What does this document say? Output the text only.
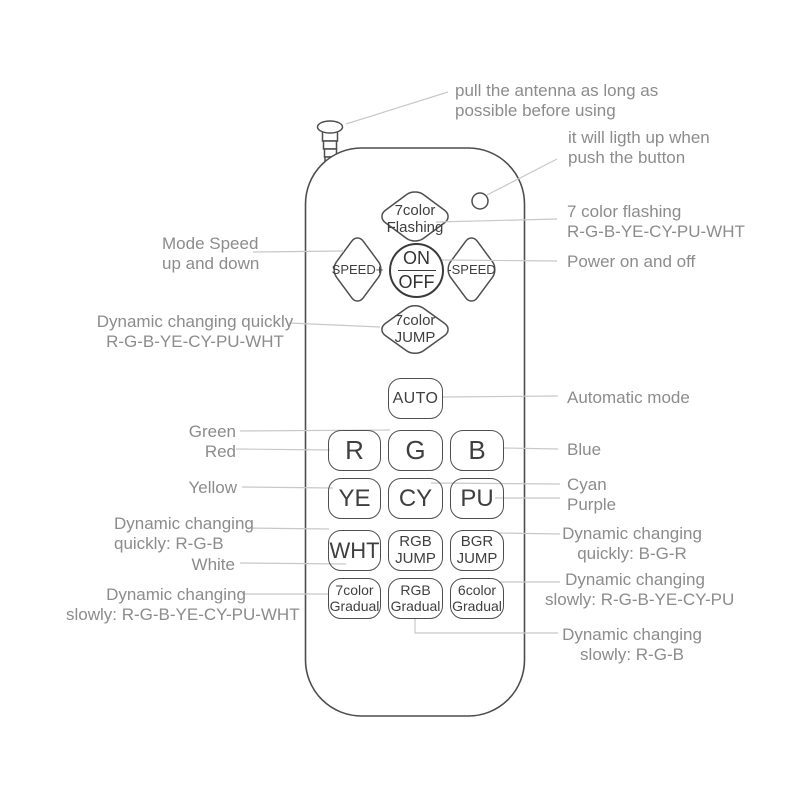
7color
Flashing
SPEED+	-SPEED
7color
JUMP
ON
OFF
AUTO
R	G	B
YE	CY	PU
WHT RGB
JUMP
BGR
JUMP
7color
Gradual
RGB
Gradual
6color
Gradual
Mode Speed
up and down
Dynamic changing quickly
R-G-B-YE-CY-PU-WHT
Green
Red
Yellow
Dynamic changing
quickly: R-G-B
White
Dynamic changing
slowly: R-G-B-YE-CY-PU-WHT
pull the antenna as long as
possible before using
it will ligth up when
push the button
7 color flashing
R-G-B-YE-CY-PU-WHT
Power on and off
Automatic mode
Blue
Cyan
Purple
Dynamic changing
quickly: B-G-R
Dynamic changing
slowly: R-G-B-YE-CY-PU
Dynamic changing
slowly: R-G-B
